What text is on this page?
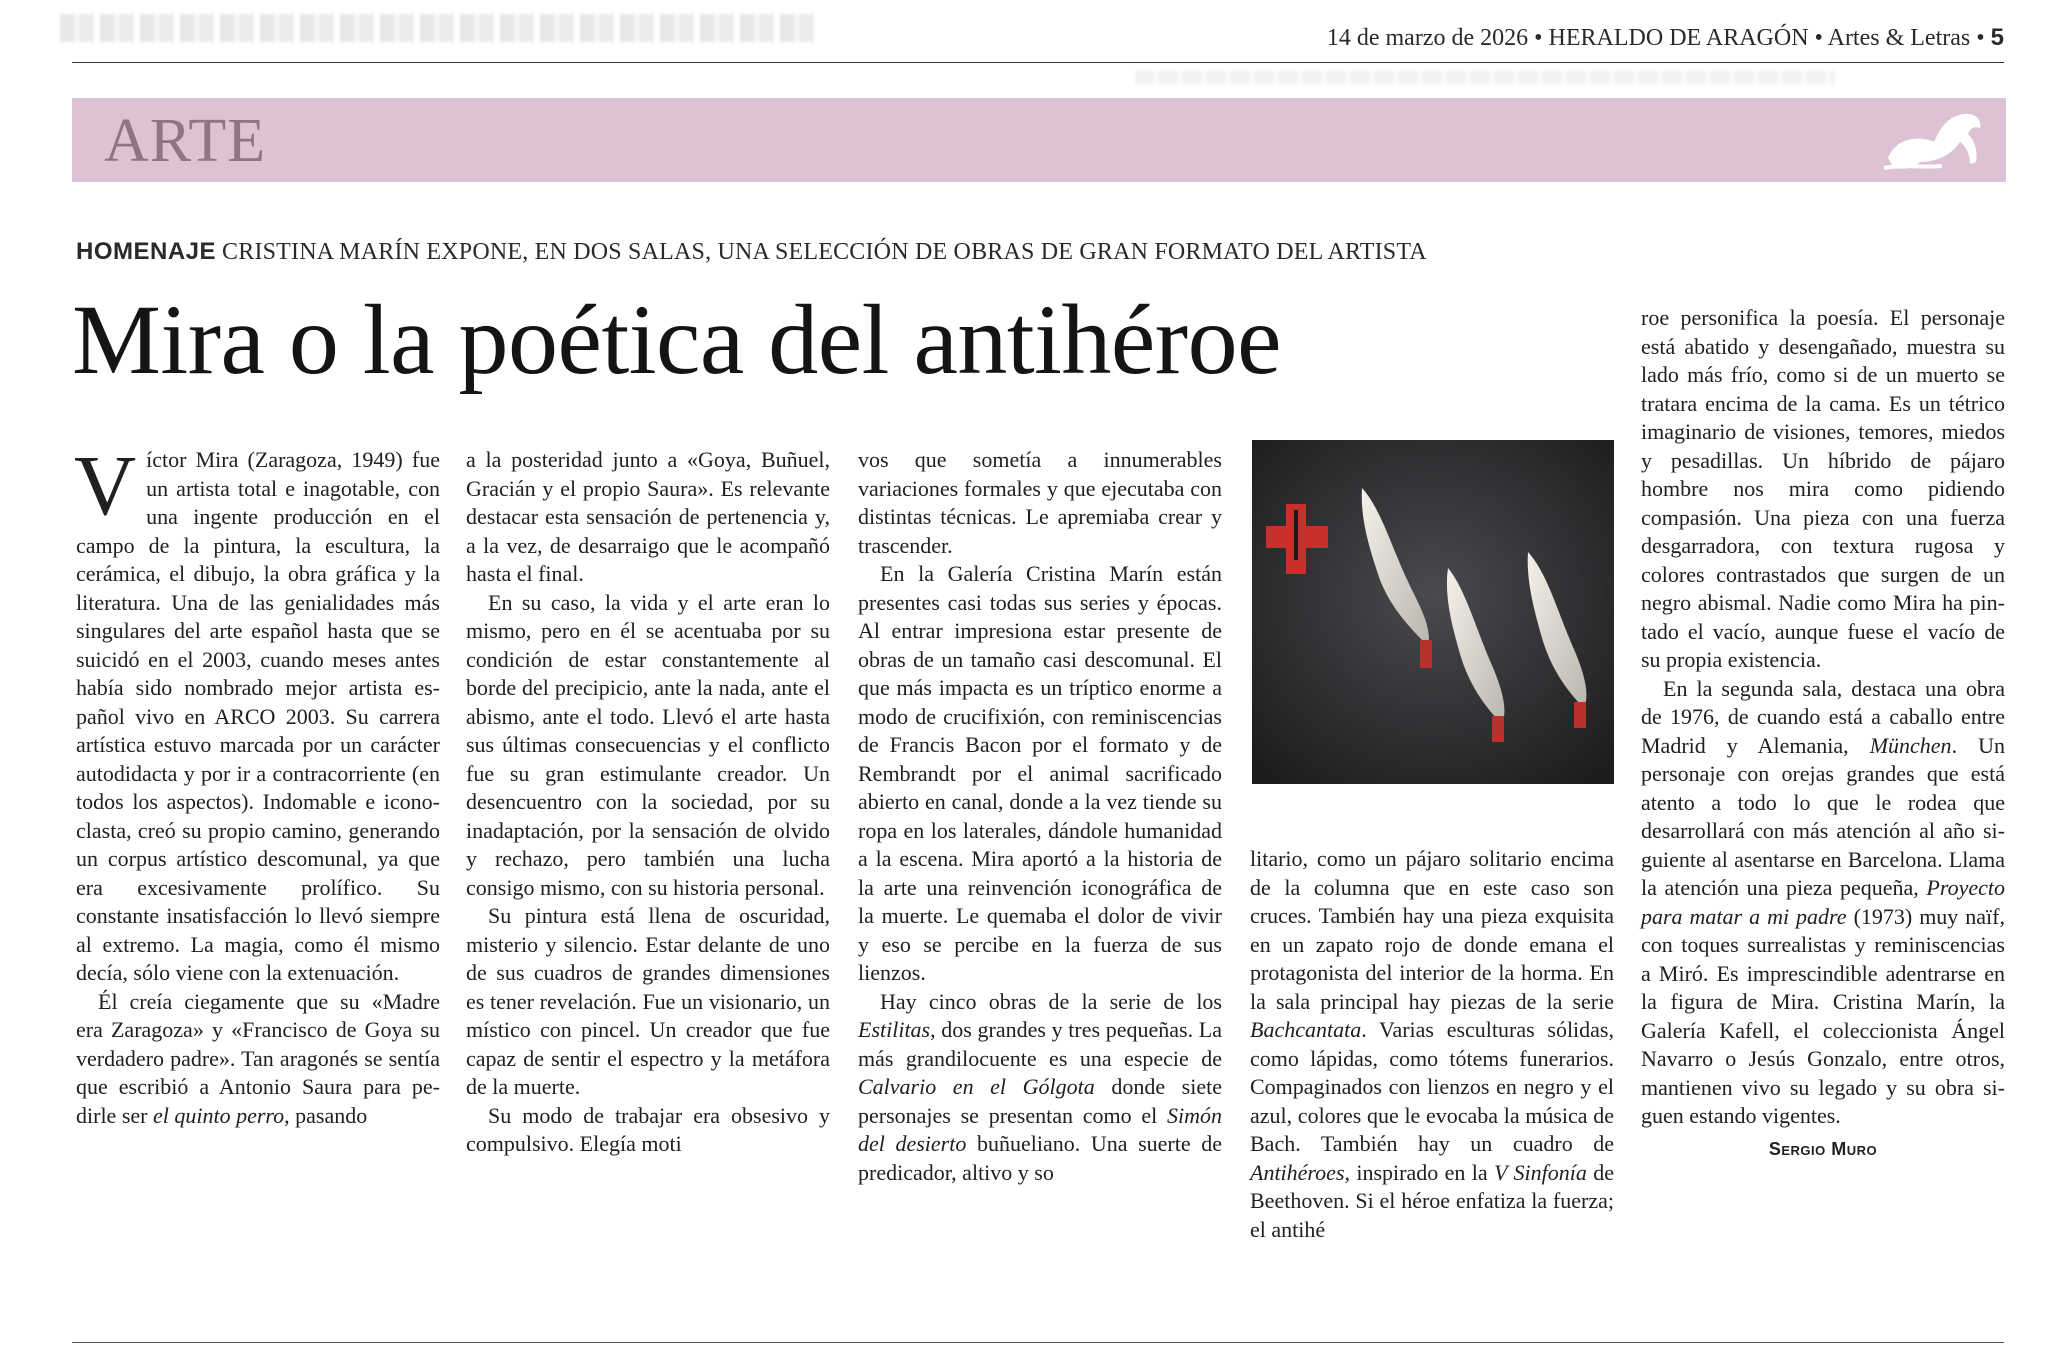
14 de marzo de 2026 • HERALDO DE ARAGÓN • Artes & Letras • 5
ARTE
HOMENAJE CRISTINA MARÍN EXPONE, EN DOS SALAS, UNA SELECCIÓN DE OBRAS DE GRAN FORMATO DEL ARTISTA
Mira o la poética del antihéroe

Víctor Mira (Zaragoza, 1949) fue un artista total e inagotable, con una ingente producción en el campo de la pintura, la escultura, la cerámica, el dibujo, la obra gráfica y la literatura. Una de las genialidades más singulares del arte español hasta que se suicidó en el 2003, cuando meses antes había sido nombrado mejor artista español vivo en ARCO 2003. Su carrera artística estuvo marcada por un carácter autodidacta y por ir a contracorriente (en todos los aspectos). Indomable e iconoclasta, creó su propio camino, generando un corpus artístico descomunal, ya que era excesivamente prolífico. Su constante insatisfacción lo llevó siempre al extremo. La magia, como él mismo decía, sólo viene con la extenuación.

Él creía ciegamente que su «Madre era Zaragoza» y «Francisco de Goya su verdadero padre». Tan aragonés se sentía que escribió a Antonio Saura para pedirle ser el quinto perro, pasando

a la posteridad junto a «Goya, Buñuel, Gracián y el propio Saura». Es relevante destacar esta sensación de pertenencia y, a la vez, de desarraigo que le acompañó hasta el final.

En su caso, la vida y el arte eran lo mismo, pero en él se acentuaba por su condición de estar constantemente al borde del precipicio, ante la nada, ante el abismo, ante el todo. Llevó el arte hasta sus últimas consecuencias y el conflicto fue su gran estimulante creador. Un desencuentro con la sociedad, por su inadaptación, por la sensación de olvido y rechazo, pero también una lucha consigo mismo, con su historia personal.

Su pintura está llena de oscuridad, misterio y silencio. Estar delante de uno de sus cuadros de grandes dimensiones es tener revelación. Fue un visionario, un místico con pincel. Un creador que fue capaz de sentir el espectro y la metáfora de la muerte.

Su modo de trabajar era obsesivo y compulsivo. Elegía moti

vos que sometía a innumerables variaciones formales y que ejecutaba con distintas técnicas. Le apremiaba crear y trascender.

En la Galería Cristina Marín están presentes casi todas sus series y épocas. Al entrar impresiona estar presente de obras de un tamaño casi descomunal. El que más impacta es un tríptico enorme a modo de crucifixión, con reminiscencias de Francis Bacon por el formato y de Rembrandt por el animal sacrificado abierto en canal, donde a la vez tiende su ropa en los laterales, dándole humanidad a la escena. Mira aportó a la historia de la arte una reinvención iconográfica de la muerte. Le quemaba el dolor de vivir y eso se percibe en la fuerza de sus lienzos.

Hay cinco obras de la serie de los Estilitas, dos grandes y tres pequeñas. La más grandilocuente es una especie de Calvario en el Gólgota donde siete personajes se presentan como el Simón del desierto buñueliano. Una suerte de predicador, altivo y so

litario, como un pájaro solitario encima de la columna que en este caso son cruces. También hay una pieza exquisita en un zapato rojo de donde emana el protagonista del interior de la horma. En la sala principal hay piezas de la serie Bachcantata. Varias esculturas sólidas, como lápidas, como tótems funerarios. Compaginados con lienzos en negro y el azul, colores que le evocaba la música de Bach. También hay un cuadro de Antihéroes, inspirado en la V Sinfonía de Beethoven. Si el héroe enfatiza la fuerza; el antihé

roe personifica la poesía. El personaje está abatido y desengañado, muestra su lado más frío, como si de un muerto se tratara encima de la cama. Es un tétrico imaginario de visiones, temores, miedos y pesadillas. Un híbrido de pájaro hombre nos mira como pidiendo compasión. Una pieza con una fuerza desgarradora, con textura rugosa y colores contrastados que surgen de un negro abismal. Nadie como Mira ha pintado el vacío, aunque fuese el vacío de su propia existencia.

En la segunda sala, destaca una obra de 1976, de cuando está a caballo entre Madrid y Alemania, München. Un personaje con orejas grandes que está atento a todo lo que le rodea que desarrollará con más atención al año siguiente al asentarse en Barcelona. Llama la atención una pieza pequeña, Proyecto para matar a mi padre (1973) muy naïf, con toques surrealistas y reminiscencias a Miró. Es imprescindible adentrarse en la figura de Mira. Cristina Marín, la Galería Kafell, el coleccionista Ángel Navarro o Jesús Gonzalo, entre otros, mantienen vivo su legado y su obra siguen estando vigentes.

Sergio Muro
